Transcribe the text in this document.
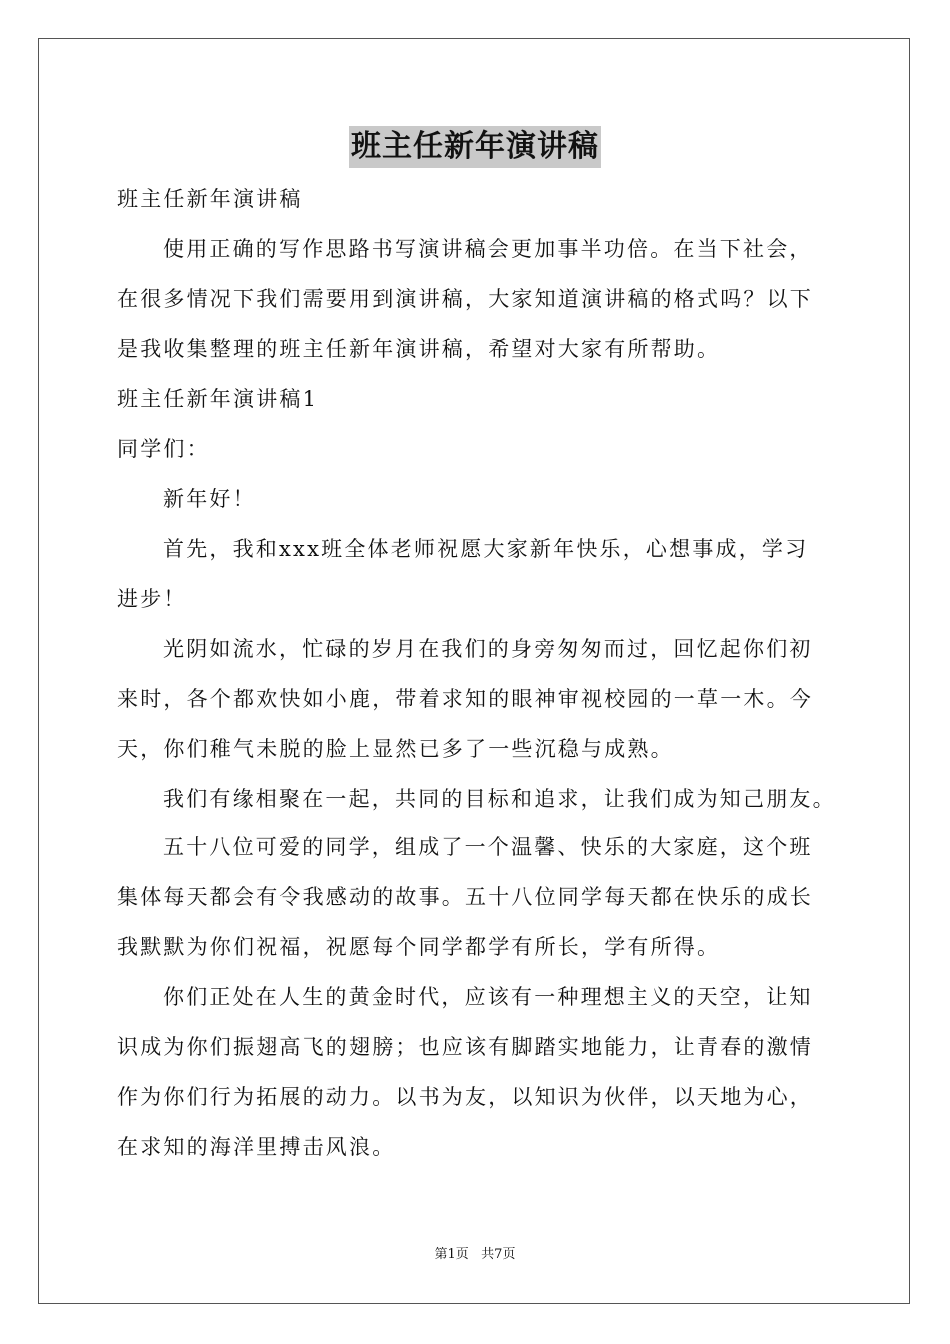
班主任新年演讲稿
班主任新年演讲稿
使用正确的写作思路书写演讲稿会更加事半功倍。在当下社会，
在很多情况下我们需要用到演讲稿，大家知道演讲稿的格式吗？以下
是我收集整理的班主任新年演讲稿，希望对大家有所帮助。
班主任新年演讲稿1
同学们：
新年好！
首先，我和xxx班全体老师祝愿大家新年快乐，心想事成，学习
进步！
光阴如流水，忙碌的岁月在我们的身旁匆匆而过，回忆起你们初
来时，各个都欢快如小鹿，带着求知的眼神审视校园的一草一木。今
天，你们稚气未脱的脸上显然已多了一些沉稳与成熟。
我们有缘相聚在一起，共同的目标和追求，让我们成为知己朋友。
五十八位可爱的同学，组成了一个温馨、快乐的大家庭，这个班
集体每天都会有令我感动的故事。五十八位同学每天都在快乐的成长
我默默为你们祝福，祝愿每个同学都学有所长，学有所得。
你们正处在人生的黄金时代，应该有一种理想主义的天空，让知
识成为你们振翅高飞的翅膀；也应该有脚踏实地能力，让青春的激情
作为你们行为拓展的动力。以书为友，以知识为伙伴，以天地为心，
在求知的海洋里搏击风浪。
第1页   共7页
